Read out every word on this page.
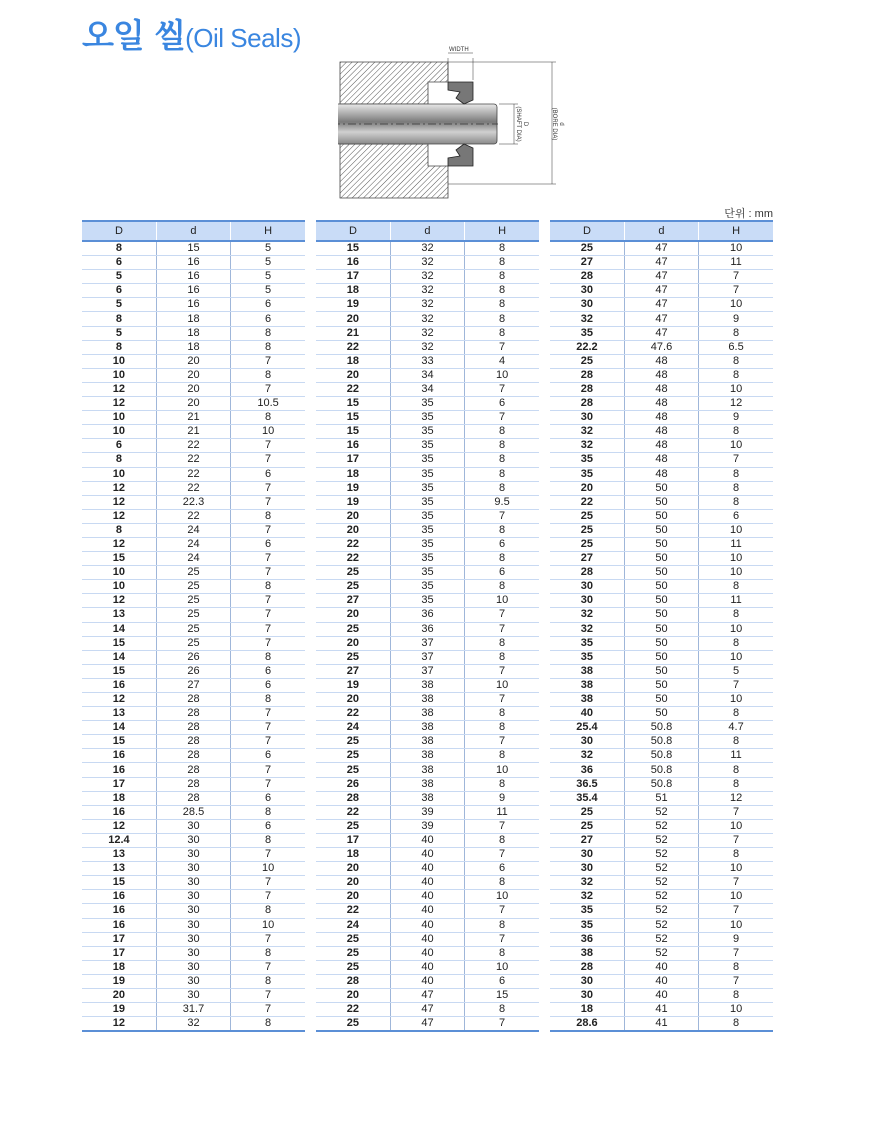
오일 씰(Oil Seals)	WIDTH
D(SHAFT DIA)	d(BORE DIA)
단위 : mm
D	d	H
8	15	5
6	16	5
5	16	5
6	16	5
5	16	6
8	18	6
5	18	8
8	18	8
10	20	7
10	20	8
12	20	7
12	20	10.5
10	21	8
10	21	10
6	22	7
8	22	7
10	22	6
12	22	7
12	22.3	7
12	22	8
8	24	7
12	24	6
15	24	7
10	25	7
10	25	8
12	25	7
13	25	7
14	25	7
15	25	7
14	26	8
15	26	6
16	27	6
12	28	8
13	28	7
14	28	7
15	28	7
16	28	6
16	28	7
17	28	7
18	28	6
16	28.5	8
12	30	6
12.4	30	8
13	30	7
13	30	10
15	30	7
16	30	7
16	30	8
16	30	10
17	30	7
17	30	8
18	30	7
19	30	8
20	30	7
19	31.7	7
12	32	8
D	d	H
15	32	8
16	32	8
17	32	8
18	32	8
19	32	8
20	32	8
21	32	8
22	32	7
18	33	4
20	34	10
22	34	7
15	35	6
15	35	7
15	35	8
16	35	8
17	35	8
18	35	8
19	35	8
19	35	9.5
20	35	7
20	35	8
22	35	6
22	35	8
25	35	6
25	35	8
27	35	10
20	36	7
25	36	7
20	37	8
25	37	8
27	37	7
19	38	10
20	38	7
22	38	8
24	38	8
25	38	7
25	38	8
25	38	10
26	38	8
28	38	9
22	39	11
25	39	7
17	40	8
18	40	7
20	40	6
20	40	8
20	40	10
22	40	7
24	40	8
25	40	7
25	40	8
25	40	10
28	40	6
20	47	15
22	47	8
25	47	7
D	d	H
25	47	10
27	47	11
28	47	7
30	47	7
30	47	10
32	47	9
35	47	8
22.2	47.6	6.5
25	48	8
28	48	8
28	48	10
28	48	12
30	48	9
32	48	8
32	48	10
35	48	7
35	48	8
20	50	8
22	50	8
25	50	6
25	50	10
25	50	11
27	50	10
28	50	10
30	50	8
30	50	11
32	50	8
32	50	10
35	50	8
35	50	10
38	50	5
38	50	7
38	50	10
40	50	8
25.4	50.8	4.7
30	50.8	8
32	50.8	11
36	50.8	8
36.5	50.8	8
35.4	51	12
25	52	7
25	52	10
27	52	7
30	52	8
30	52	10
32	52	7
32	52	10
35	52	7
35	52	10
36	52	9
38	52	7
28	40	8
30	40	7
30	40	8
18	41	10
28.6	41	8
